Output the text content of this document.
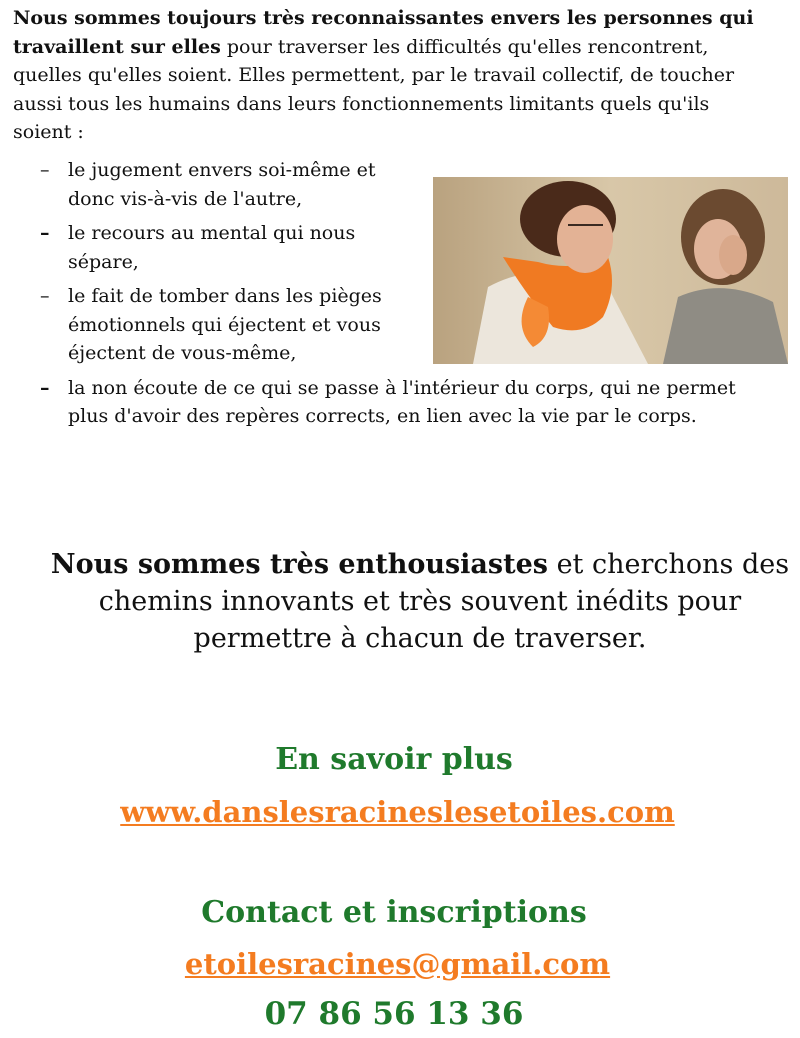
Nous sommes toujours très reconnaissantes envers les personnes qui travaillent sur elles pour traverser les difficultés qu'elles rencontrent, quelles qu'elles soient. Elles permettent, par le travail collectif, de toucher aussi tous les humains dans leurs fonctionnements limitants quels qu'ils soient :

– le jugement envers soi-même et donc vis-à-vis de l'autre,
– le recours au mental qui nous sépare,
– le fait de tomber dans les pièges émotionnels qui éjectent et vous éjectent de vous-même,
– la non écoute de ce qui se passe à l'intérieur du corps, qui ne permet plus d'avoir des repères corrects, en lien avec la vie par le corps.

Nous sommes très enthousiastes et cherchons des chemins innovants et très souvent inédits pour permettre à chacun de traverser.

En savoir plus

www.danslesracineslesetoiles.com

Contact et inscriptions

etoilesracines@gmail.com

07 86 56 13 36
